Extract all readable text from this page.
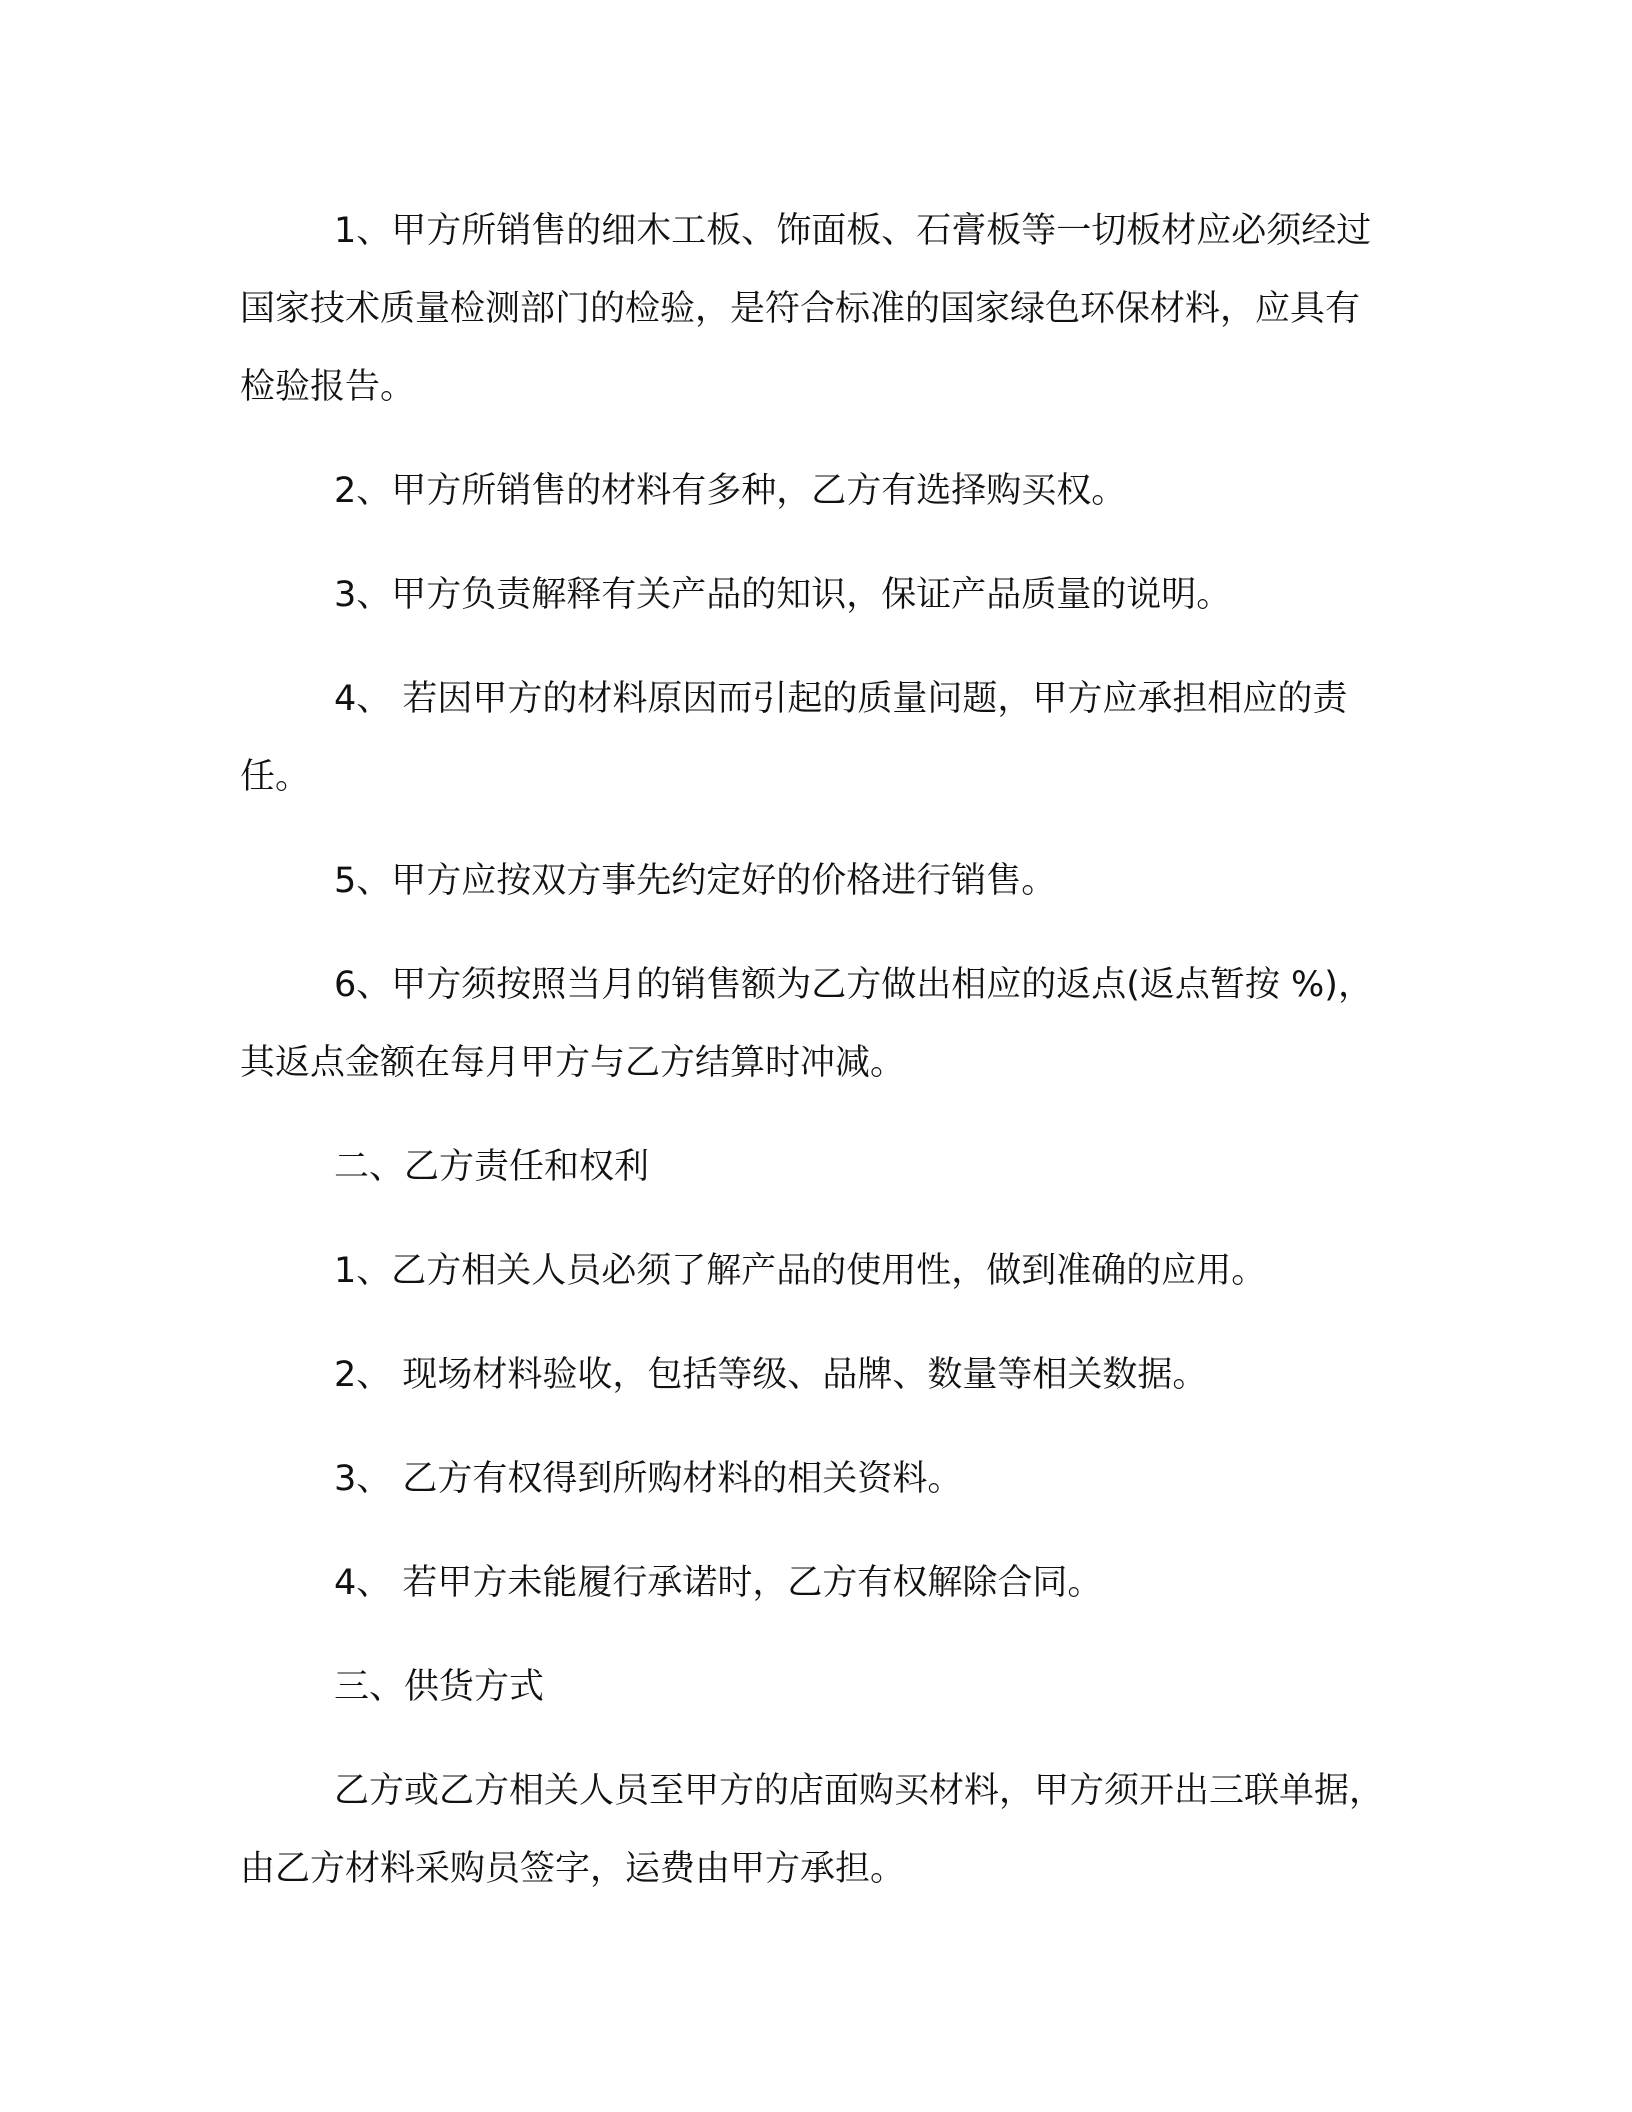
1、甲方所销售的细木工板、饰面板、石膏板等一切板材应必须经过国家技术质量检测部门的检验，是符合标准的国家绿色环保材料，应具有检验报告。

2、甲方所销售的材料有多种，乙方有选择购买权。

3、甲方负责解释有关产品的知识，保证产品质量的说明。

4、 若因甲方的材料原因而引起的质量问题，甲方应承担相应的责任。

5、甲方应按双方事先约定好的价格进行销售。

6、甲方须按照当月的销售额为乙方做出相应的返点(返点暂按 %)，其返点金额在每月甲方与乙方结算时冲减。

二、乙方责任和权利

1、乙方相关人员必须了解产品的使用性，做到准确的应用。

2、 现场材料验收，包括等级、品牌、数量等相关数据。

3、 乙方有权得到所购材料的相关资料。

4、 若甲方未能履行承诺时，乙方有权解除合同。

三、供货方式

乙方或乙方相关人员至甲方的店面购买材料，甲方须开出三联单据，由乙方材料采购员签字，运费由甲方承担。
